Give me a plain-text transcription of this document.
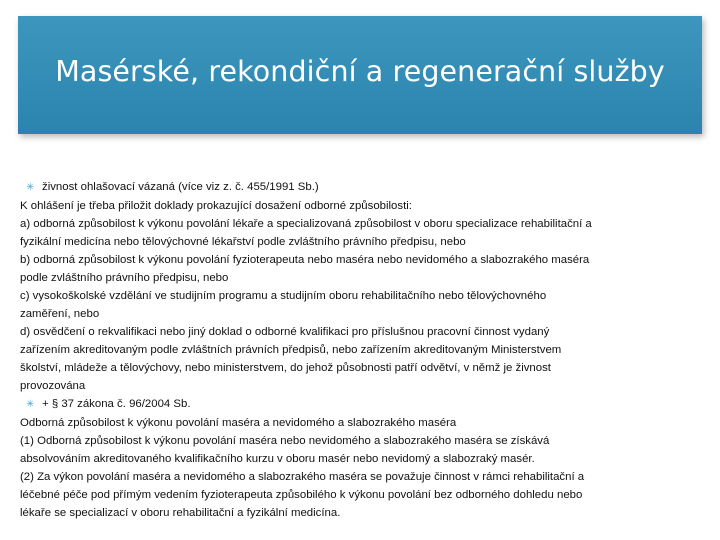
Masérské, rekondiční a regenerační služby
✳ živnost ohlašovací vázaná (více viz z. č. 455/1991 Sb.)
K ohlášení je třeba přiložit doklady prokazující dosažení odborné způsobilosti:
a) odborná způsobilost k výkonu povolání lékaře a specializovaná způsobilost v oboru specializace rehabilitační a
fyzikální medicína nebo tělovýchovné lékařství podle zvláštního právního předpisu, nebo
b) odborná způsobilost k výkonu povolání fyzioterapeuta nebo maséra nebo nevidomého a slabozrakého maséra
podle zvláštního právního předpisu, nebo
c) vysokoškolské vzdělání ve studijním programu a studijním oboru rehabilitačního nebo tělovýchovného
zaměření, nebo
d) osvědčení o rekvalifikaci nebo jiný doklad o odborné kvalifikaci pro příslušnou pracovní činnost vydaný
zařízením akreditovaným podle zvláštních právních předpisů, nebo zařízením akreditovaným Ministerstvem
školství, mládeže a tělovýchovy, nebo ministerstvem, do jehož působnosti patří odvětví, v němž je živnost
provozována
✳ + § 37 zákona č. 96/2004 Sb.
Odborná způsobilost k výkonu povolání maséra a nevidomého a slabozrakého maséra
(1) Odborná způsobilost k výkonu povolání maséra nebo nevidomého a slabozrakého maséra se získává
absolvováním akreditovaného kvalifikačního kurzu v oboru masér nebo nevidomý a slabozraký masér.
(2) Za výkon povolání maséra a nevidomého a slabozrakého maséra se považuje činnost v rámci rehabilitační a
léčebné péče pod přímým vedením fyzioterapeuta způsobilého k výkonu povolání bez odborného dohledu nebo
lékaře se specializací v oboru rehabilitační a fyzikální medicína.
